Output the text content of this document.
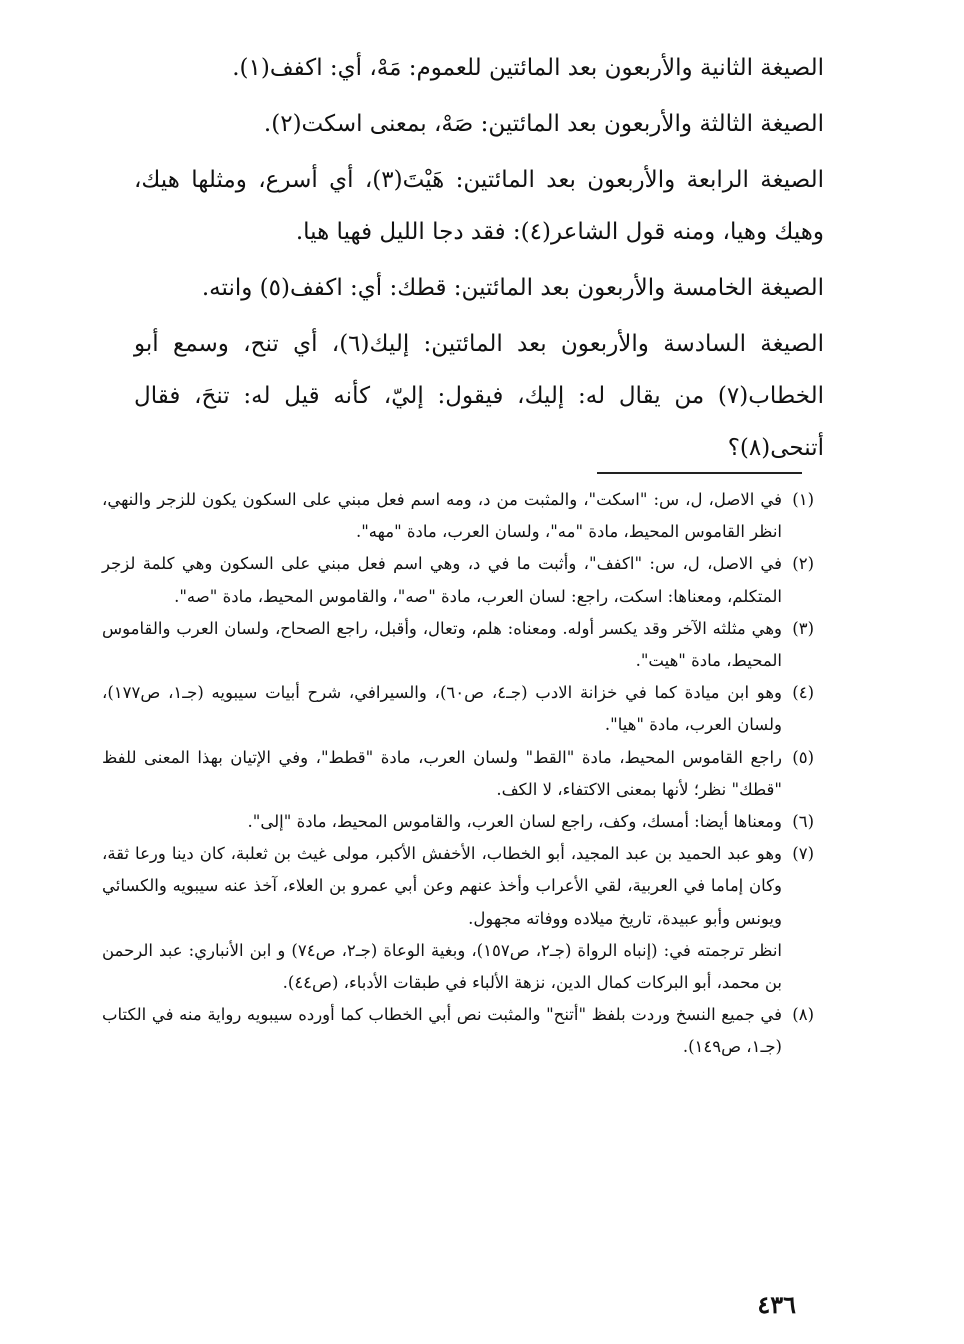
الصيغة الثانية والأربعون بعد المائتين للعموم: مَهْ، أي: اكفف(١).

الصيغة الثالثة والأربعون بعد المائتين: صَهْ، بمعنى اسكت(٢).

الصيغة الرابعة والأربعون بعد المائتين: هَيْتَ(٣)، أي أسرع، ومثلها هيك، وهيك وهيا، ومنه قول الشاعر(٤): فقد دجا الليل فهيا هيا.

الصيغة الخامسة والأربعون بعد المائتين: قطك: أي: اكفف(٥) وانته.

الصيغة السادسة والأربعون بعد المائتين: إليك(٦)، أي تنح، وسمع أبو الخطاب(٧) من يقال له: إليك، فيقول: إليّ، كأنه قيل له: تنحَ، فقال أتنحى(٨)؟

(١)
في الاصل، ل، س: "اسكت"، والمثبت من د، ومه اسم فعل مبني على السكون يكون للزجر والنهي، انظر القاموس المحيط، مادة "مه"، ولسان العرب، مادة "مهه".
(٢)
في الاصل، ل، س: "اكفف"، وأثبت ما في د، وهي اسم فعل مبني على السكون وهي كلمة لزجر المتكلم، ومعناها: اسكت، راجع: لسان العرب، مادة "صه"، والقاموس المحيط، مادة "صه".
(٣)
وهي مثلثه الآخر وقد يكسر أوله. ومعناه: هلم، وتعال، وأقبل، راجع الصحاح، ولسان العرب والقاموس المحيط، مادة "هيت".
(٤)
وهو ابن ميادة كما في خزانة الادب (جـ٤، ص٦٠)، والسيرافي، شرح أبيات سيبويه (جـ١، ص١٧٧)، ولسان العرب، مادة "هيا".
(٥)
راجع القاموس المحيط، مادة "القط" ولسان العرب، مادة "قطط"، وفي الإتيان بهذا المعنى للفظ "قطك" نظر؛ لأنها بمعنى الاكتفاء، لا الكف.
(٦)
ومعناها أيضا: أمسك، وكف، راجع لسان العرب، والقاموس المحيط، مادة "إلى".
(٧)
وهو عبد الحميد بن عبد المجيد، أبو الخطاب، الأخفش الأكبر، مولى غيث بن ثعلبة، كان دينا ورعا ثقة، وكان إماما في العربية، لقي الأعراب وأخذ عنهم وعن أبي عمرو بن العلاء، آخذ عنه سيبويه والكسائي ويونس وأبو عبيدة، تاريخ ميلاده ووفاته مجهول.
انظر ترجمته في: (إنباه الرواة (جـ٢، ص١٥٧)، وبغية الوعاة (جـ٢، ص٧٤) و ابن الأنباري: عبد الرحمن بن محمد، أبو البركات كمال الدين، نزهة الألباء في طبقات الأدباء، (ص٤٤).
(٨)
في جميع النسخ وردت بلفظ "أتنح" والمثبت نص أبي الخطاب كما أورده سيبويه رواية منه في الكتاب (جـ١، ص١٤٩).
٤٣٦
